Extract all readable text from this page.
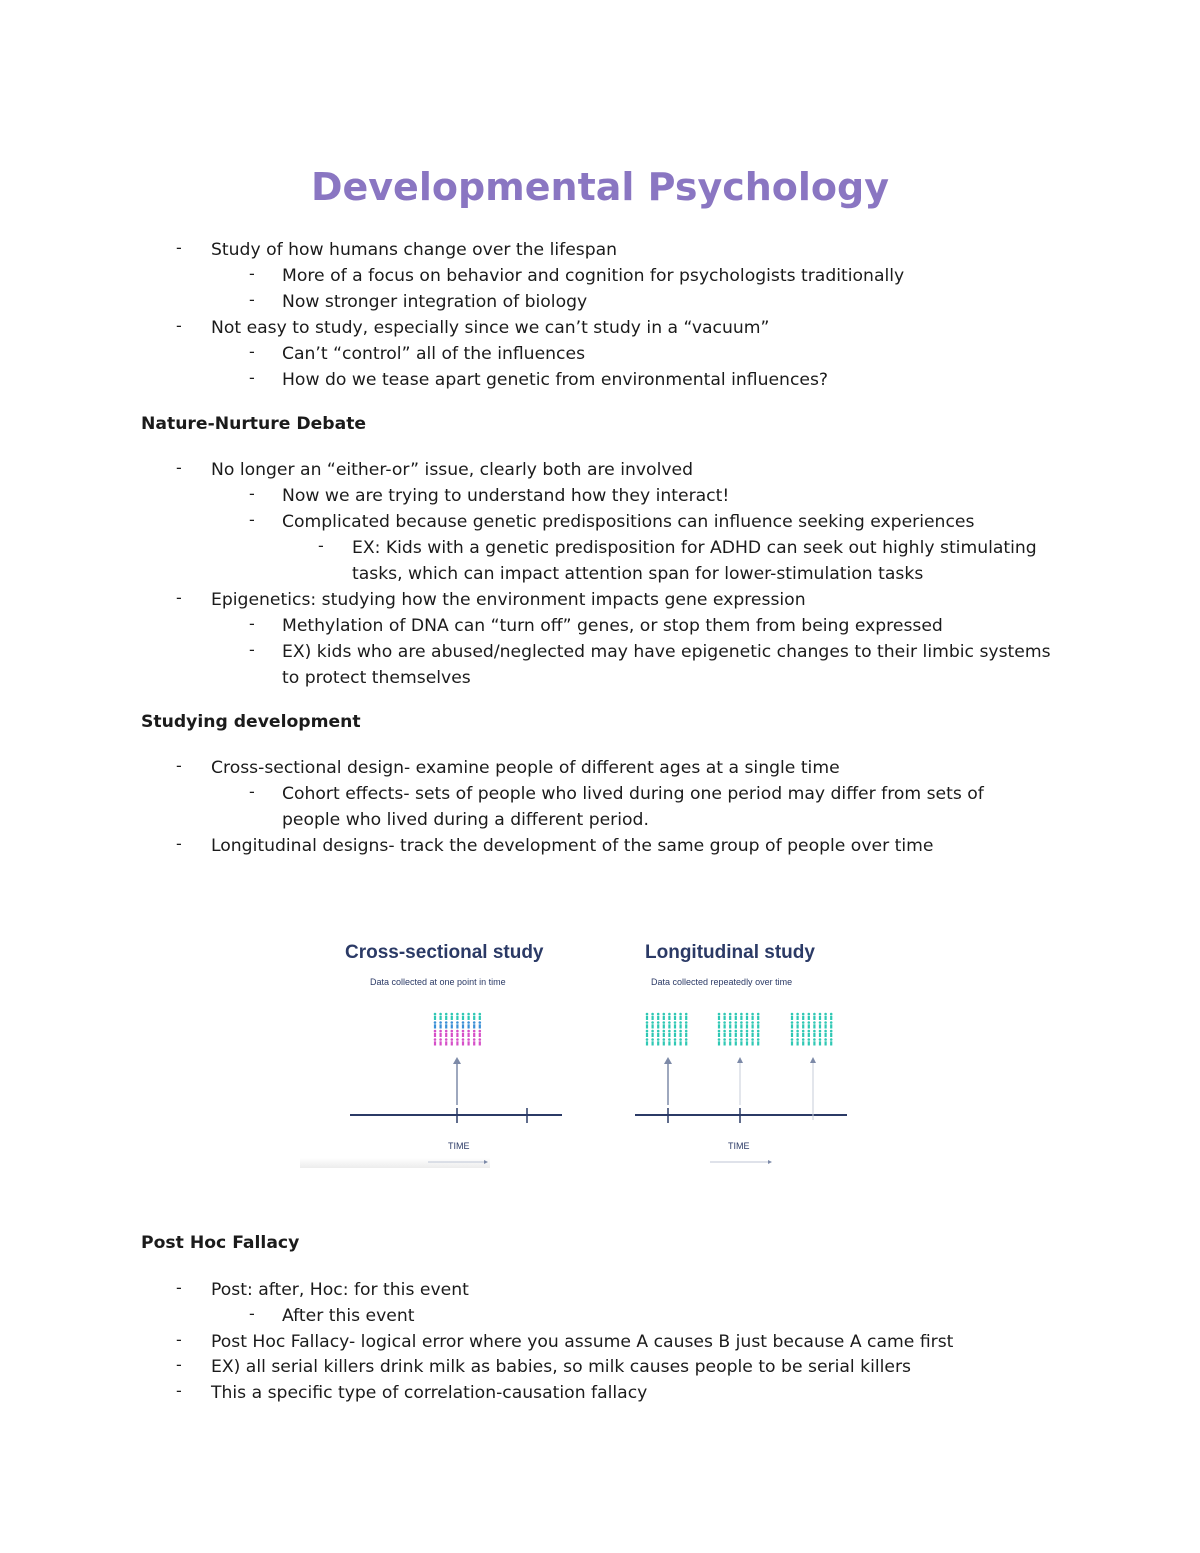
Developmental Psychology
- Study of how humans change over the lifespan
- More of a focus on behavior and cognition for psychologists traditionally
- Now stronger integration of biology
- Not easy to study, especially since we can’t study in a “vacuum”
- Can’t “control” all of the influences
- How do we tease apart genetic from environmental influences?
Nature-Nurture Debate
- No longer an “either-or” issue, clearly both are involved
- Now we are trying to understand how they interact!
- Complicated because genetic predispositions can influence seeking experiences
- EX: Kids with a genetic predisposition for ADHD can seek out highly stimulating
tasks, which can impact attention span for lower-stimulation tasks
- Epigenetics: studying how the environment impacts gene expression
- Methylation of DNA can “turn off” genes, or stop them from being expressed
- EX) kids who are abused/neglected may have epigenetic changes to their limbic systems
to protect themselves
Studying development
- Cross-sectional design- examine people of different ages at a single time
- Cohort effects- sets of people who lived during one period may differ from sets of
people who lived during a different period.
- Longitudinal designs- track the development of the same group of people over time
Cross-sectional study
Data collected at one point in time
Longitudinal study
Data collected repeatedly over time
TIME	TIME
Post Hoc Fallacy
- Post: after, Hoc: for this event
- After this event
- Post Hoc Fallacy- logical error where you assume A causes B just because A came first
- EX) all serial killers drink milk as babies, so milk causes people to be serial killers
- This a specific type of correlation-causation fallacy
